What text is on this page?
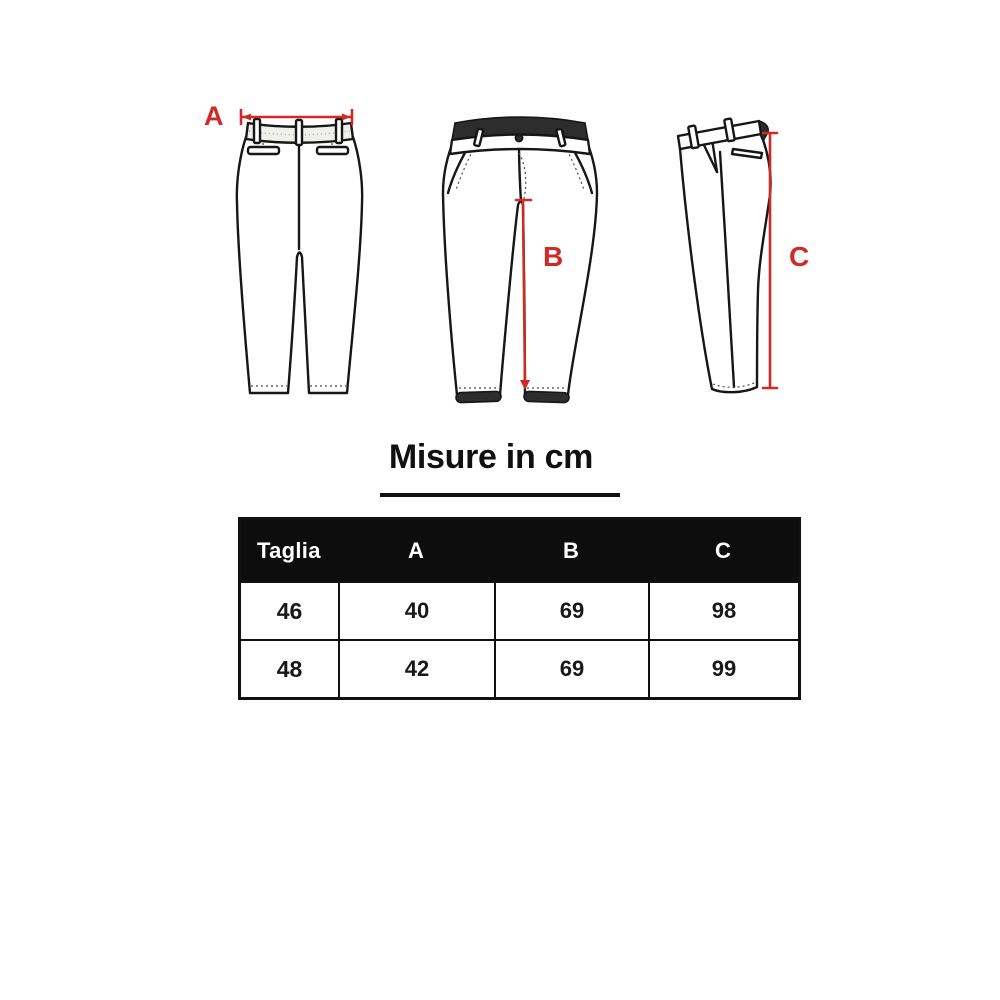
A
B	C
Misure in cm
Taglia	A	B	C
46	40	69	98
48	42	69	99
